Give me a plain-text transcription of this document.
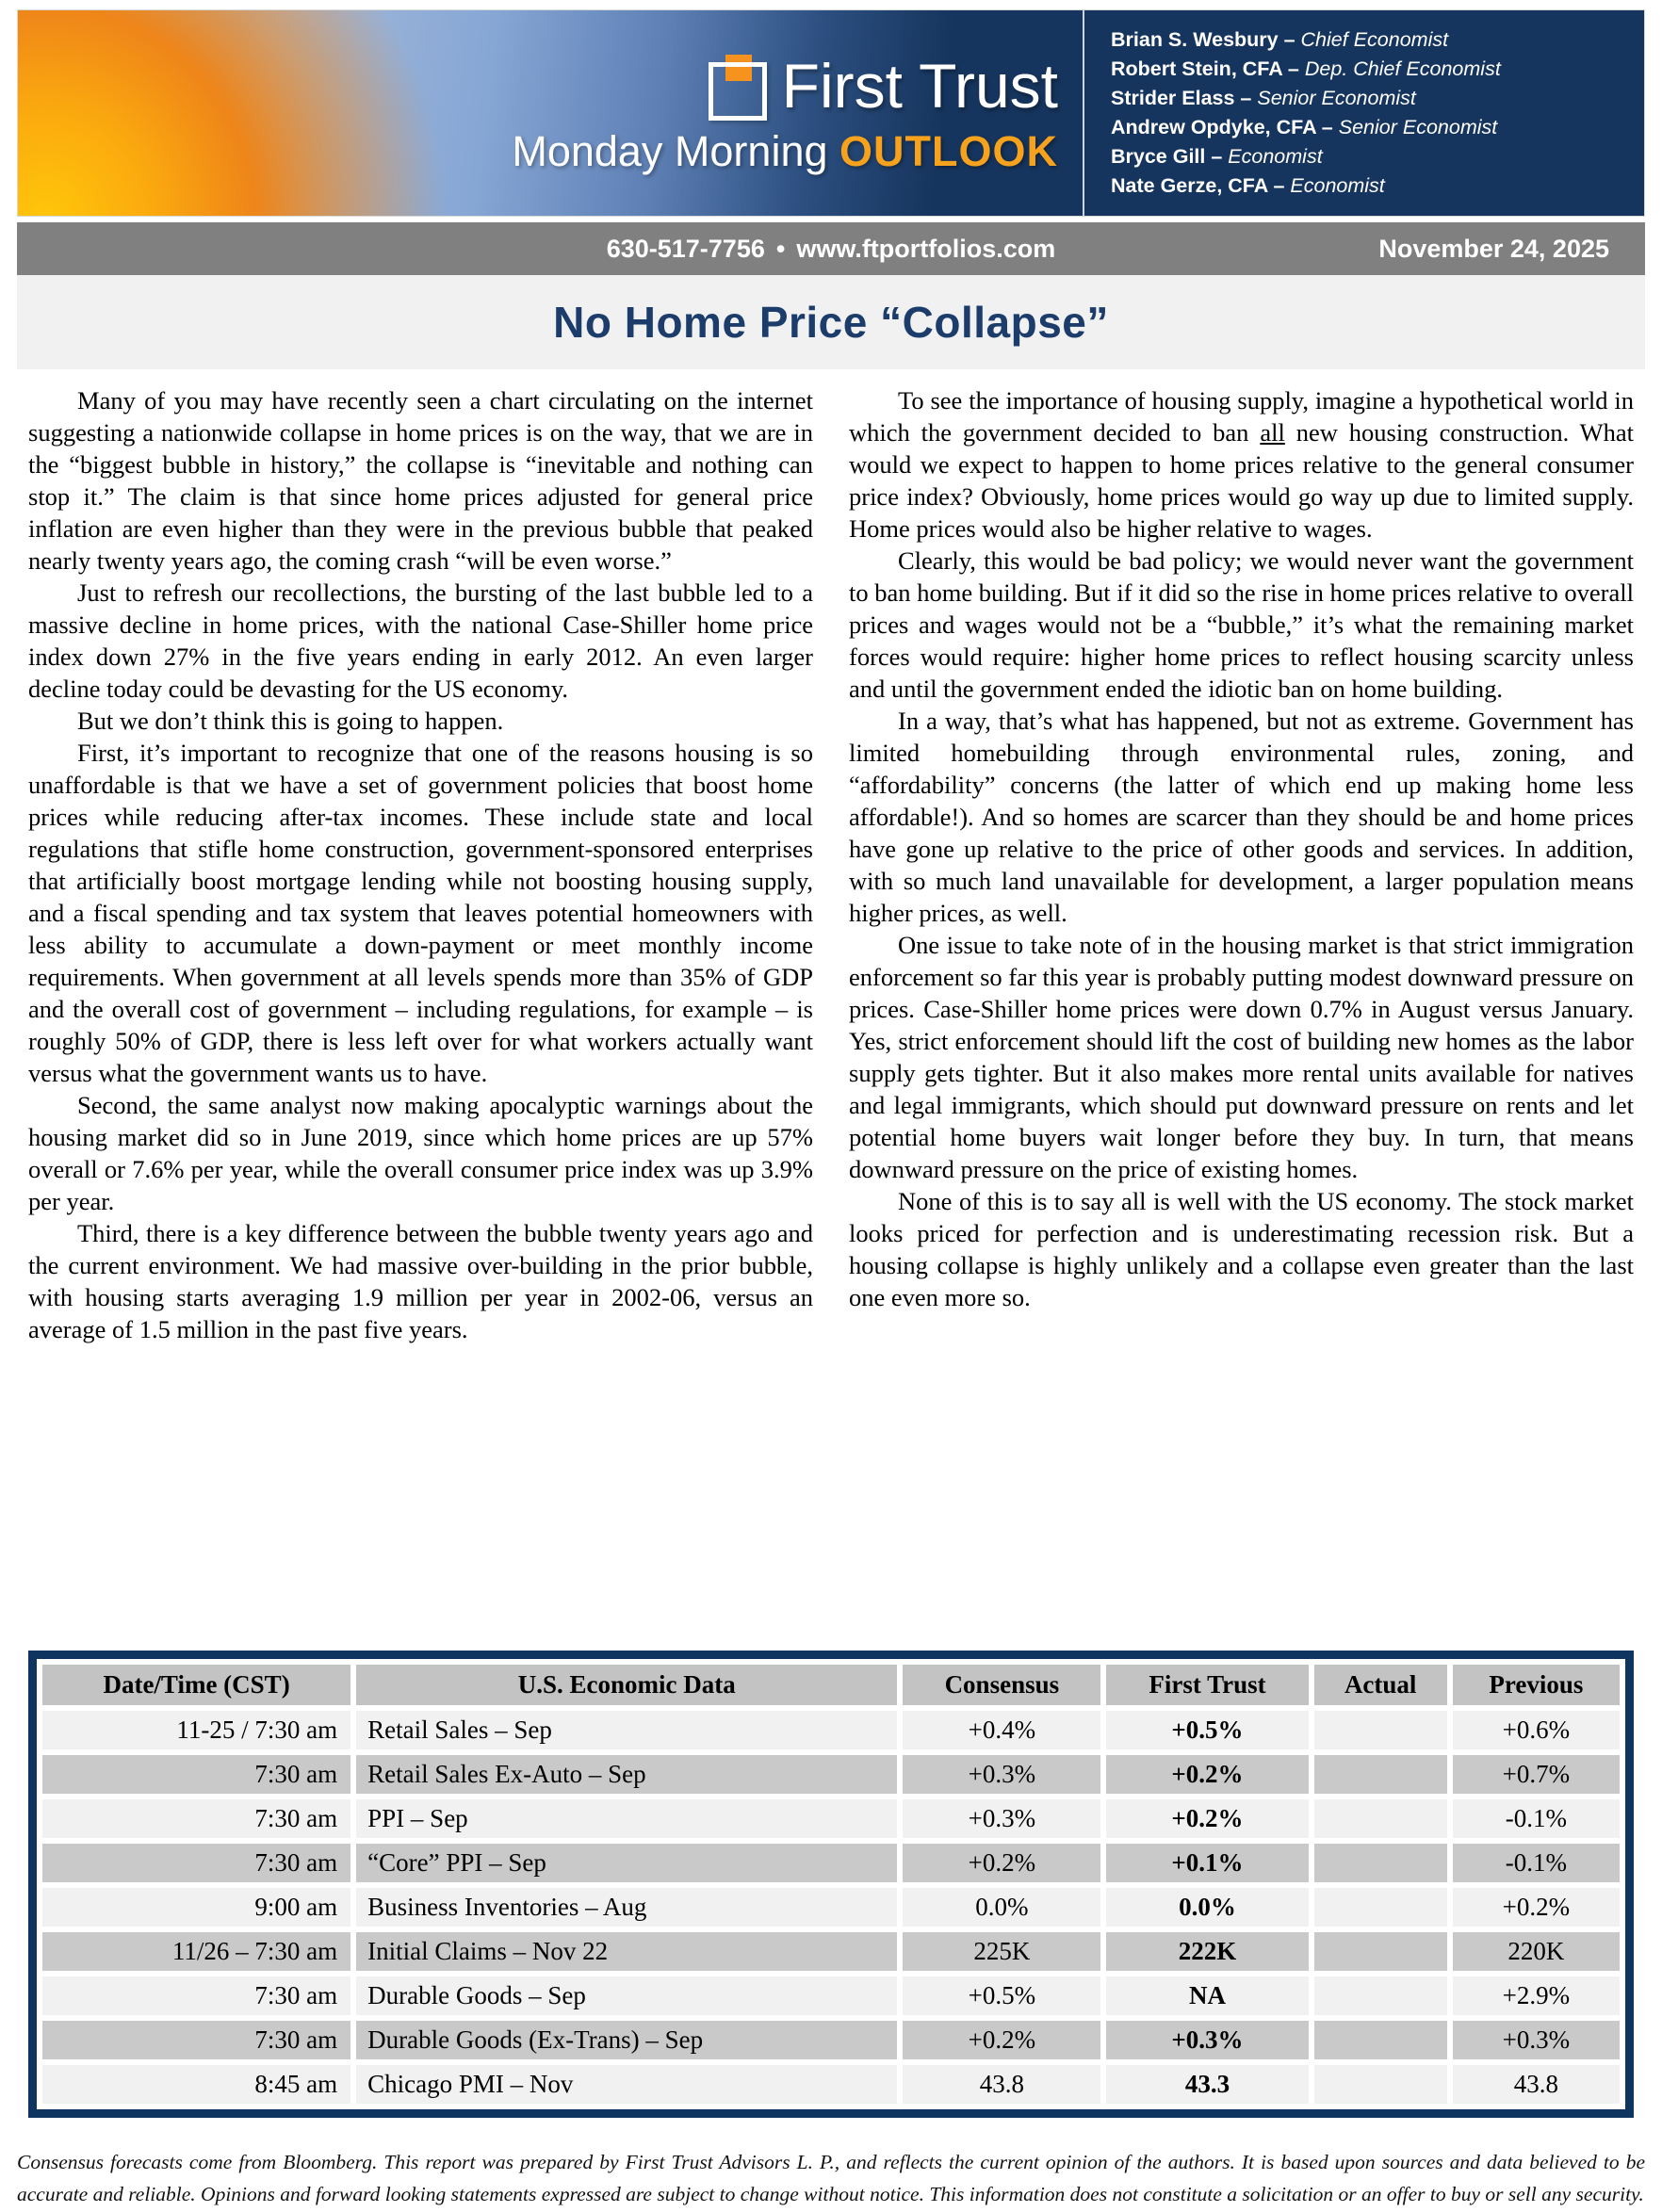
First Trust
Monday Morning OUTLOOK
Brian S. Wesbury – Chief Economist
Robert Stein, CFA – Dep. Chief Economist
Strider Elass – Senior Economist
Andrew Opdyke, CFA – Senior Economist
Bryce Gill – Economist
Nate Gerze, CFA – Economist
630-517-7756 • www.ftportfolios.com	November 24, 2025
No Home Price “Collapse”

Many of you may have recently seen a chart circulating on the internet suggesting a nationwide collapse in home prices is on the way, that we are in the “biggest bubble in history,” the collapse is “inevitable and nothing can stop it.” The claim is that since home prices adjusted for general price inflation are even higher than they were in the previous bubble that peaked nearly twenty years ago, the coming crash “will be even worse.”

Just to refresh our recollections, the bursting of the last bubble led to a massive decline in home prices, with the national Case-Shiller home price index down 27% in the five years ending in early 2012. An even larger decline today could be devasting for the US economy.

But we don’t think this is going to happen.

First, it’s important to recognize that one of the reasons housing is so unaffordable is that we have a set of government policies that boost home prices while reducing after-tax incomes. These include state and local regulations that stifle home construction, government-sponsored enterprises that artificially boost mortgage lending while not boosting housing supply, and a fiscal spending and tax system that leaves potential homeowners with less ability to accumulate a down-payment or meet monthly income requirements. When government at all levels spends more than 35% of GDP and the overall cost of government – including regulations, for example – is roughly 50% of GDP, there is less left over for what workers actually want versus what the government wants us to have.

Second, the same analyst now making apocalyptic warnings about the housing market did so in June 2019, since which home prices are up 57% overall or 7.6% per year, while the overall consumer price index was up 3.9% per year.

Third, there is a key difference between the bubble twenty years ago and the current environment. We had massive over-building in the prior bubble, with housing starts averaging 1.9 million per year in 2002-06, versus an average of 1.5 million in the past five years.

To see the importance of housing supply, imagine a hypothetical world in which the government decided to ban all new housing construction. What would we expect to happen to home prices relative to the general consumer price index? Obviously, home prices would go way up due to limited supply. Home prices would also be higher relative to wages.

Clearly, this would be bad policy; we would never want the government to ban home building. But if it did so the rise in home prices relative to overall prices and wages would not be a “bubble,” it’s what the remaining market forces would require: higher home prices to reflect housing scarcity unless and until the government ended the idiotic ban on home building.

In a way, that’s what has happened, but not as extreme. Government has limited homebuilding through environmental rules, zoning, and “affordability” concerns (the latter of which end up making home less affordable!). And so homes are scarcer than they should be and home prices have gone up relative to the price of other goods and services. In addition, with so much land unavailable for development, a larger population means higher prices, as well.

One issue to take note of in the housing market is that strict immigration enforcement so far this year is probably putting modest downward pressure on prices. Case-Shiller home prices were down 0.7% in August versus January. Yes, strict enforcement should lift the cost of building new homes as the labor supply gets tighter. But it also makes more rental units available for natives and legal immigrants, which should put downward pressure on rents and let potential home buyers wait longer before they buy. In turn, that means downward pressure on the price of existing homes.

None of this is to say all is well with the US economy. The stock market looks priced for perfection and is underestimating recession risk. But a housing collapse is highly unlikely and a collapse even greater than the last one even more so.

Date/Time (CST)	U.S. Economic Data	Consensus	First Trust	Actual	Previous
11-25 / 7:30 am	Retail Sales – Sep	+0.4%	+0.5%		+0.6%
7:30 am	Retail Sales Ex-Auto – Sep	+0.3%	+0.2%		+0.7%
7:30 am	PPI – Sep	+0.3%	+0.2%		-0.1%
7:30 am	“Core” PPI – Sep	+0.2%	+0.1%		-0.1%
9:00 am	Business Inventories – Aug	0.0%	0.0%		+0.2%
11/26 – 7:30 am	Initial Claims – Nov 22	225K	222K		220K
7:30 am	Durable Goods – Sep	+0.5%	NA		+2.9%
7:30 am	Durable Goods (Ex-Trans) – Sep	+0.2%	+0.3%		+0.3%
8:45 am	Chicago PMI – Nov	43.8	43.3		43.8

Consensus forecasts come from Bloomberg. This report was prepared by First Trust Advisors L. P., and reflects the current opinion of the authors. It is based upon sources and data believed to be accurate and reliable. Opinions and forward looking statements expressed are subject to change without notice. This information does not constitute a solicitation or an offer to buy or sell any security.
